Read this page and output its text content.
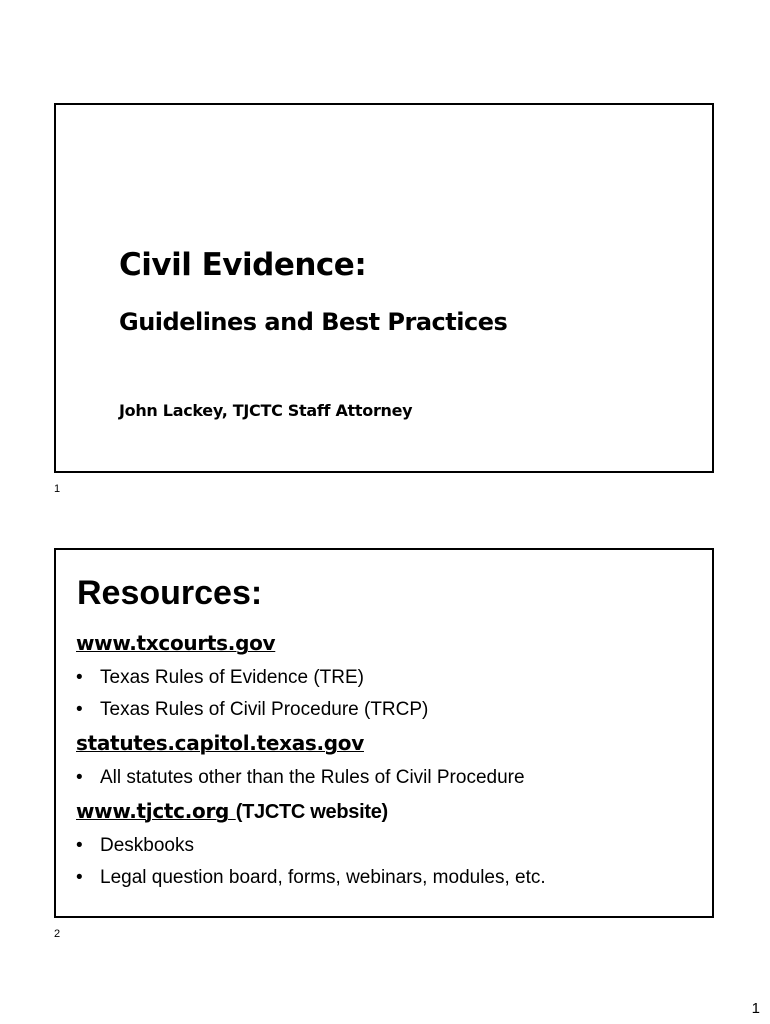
Civil Evidence:
Guidelines and Best Practices

John Lackey, TJCTC Staff Attorney

1
Resources:
www.txcourts.gov
• Texas Rules of Evidence (TRE)
• Texas Rules of Civil Procedure (TRCP)
statutes.capitol.texas.gov
• All statutes other than the Rules of Civil Procedure
www.tjctc.org (TJCTC website)
• Deskbooks
• Legal question board, forms, webinars, modules, etc.
2
1
